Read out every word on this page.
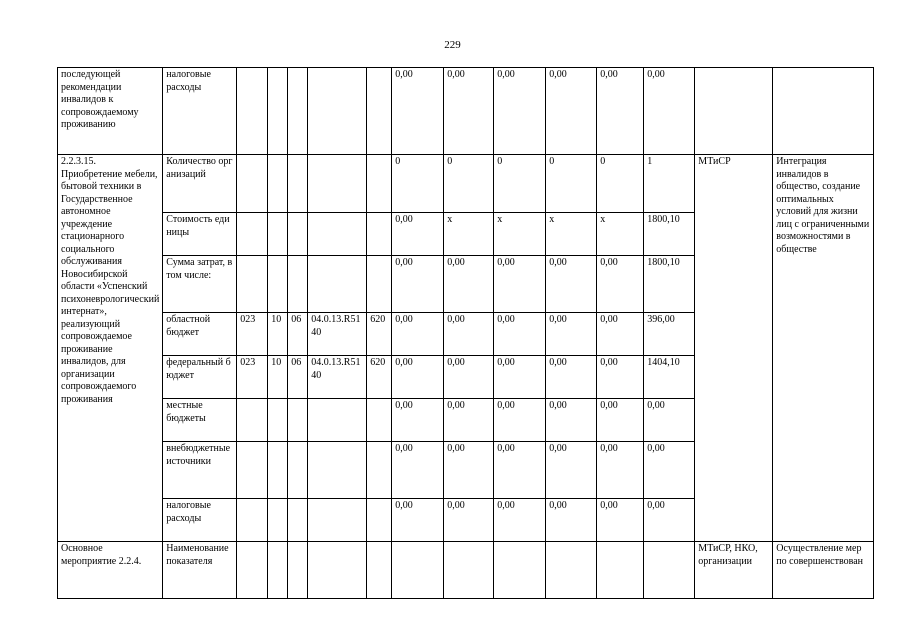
229
последующей рекомендации инвалидов к сопровождаемому проживанию	налоговые расходы						0,00	0,00	0,00	0,00	0,00	0,00		
2.2.3.15. Приобретение мебели, бытовой техники в Государственное автономное учреждение стационарного социального обслуживания Новосибирской области «Успенский психоневрологический интернат», реализующий сопровождаемое проживание инвалидов, для организации сопровождаемого проживания	Количество организаций						0	0	0	0	0	1	МТиСР	Интеграция инвалидов в общество, создание оптимальных условий для жизни лиц с ограниченными возможностями в обществе
	Стоимость единицы						0,00	х	х	х	х	1800,10		
	Сумма затрат, в том числе:						0,00	0,00	0,00	0,00	0,00	1800,10		
	областной бюджет	023	10	06	04.0.13.R5140	620	0,00	0,00	0,00	0,00	0,00	396,00		
	федеральный бюджет	023	10	06	04.0.13.R5140	620	0,00	0,00	0,00	0,00	0,00	1404,10		
	местные бюджеты						0,00	0,00	0,00	0,00	0,00	0,00		
	внебюджетные источники						0,00	0,00	0,00	0,00	0,00	0,00		
	налоговые расходы						0,00	0,00	0,00	0,00	0,00	0,00		
Основное мероприятие 2.2.4.	Наименование показателя												МТиСР, НКО, организации	Осуществление мер по совершенствован
